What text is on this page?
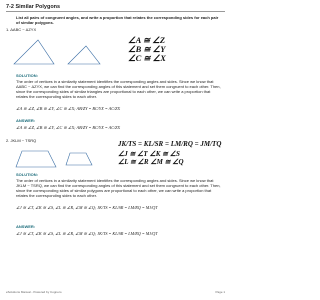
7-2 Similar Polygons
List all pairs of congruent angles, and write a proportion that relates the corresponding sides for each pair of similar polygons.
1. ΔABC ~ ΔZYX
∠A ≅ ∠Z
∠B ≅ ∠Y
∠C ≅ ∠X
SOLUTION:
The order of vertices in a similarity statement identifies the corresponding angles and sides. Since we know that ΔABC ~ ΔZYX, we can find the corresponding angles of this statement and set them congruent to each other. Then, since the corresponding sides of similar triangles are proportional to each other, we can write a proportion that relates the corresponding sides to each other.
∠A ≅ ∠Z, ∠B ≅ ∠Y, ∠C ≅ ∠X; AB/ZY = BC/YX = AC/ZX
ANSWER:
∠A ≅ ∠Z, ∠B ≅ ∠Y, ∠C ≅ ∠X; AB/ZY = BC/YX = AC/ZX
2. JKLM ~ TSRQ	JK/TS = KL/SR = LM/RQ = JM/TQ
∠J ≅ ∠T ∠K ≅ ∠S
∠L ≅ ∠R ∠M ≅ ∠Q
SOLUTION:
The order of vertices in a similarity statement identifies the corresponding angles and sides. Since we know that JKLM ~ TSRQ, we can find the corresponding angles of this statement and set them congruent to each other. Then, since the corresponding sides of similar polygons are proportional to each other, we can write a proportion that relates the corresponding sides to each other.
∠J ≅ ∠T, ∠K ≅ ∠S, ∠L ≅ ∠R, ∠M ≅ ∠Q; JK/TS = KL/SR = LM/RQ = MJ/QT
ANSWER:
∠J ≅ ∠T, ∠K ≅ ∠S, ∠L ≅ ∠R, ∠M ≅ ∠Q; JK/TS = KL/SR = LM/RQ = MJ/QT
eSolutions Manual - Powered by Cognero	Page 1
